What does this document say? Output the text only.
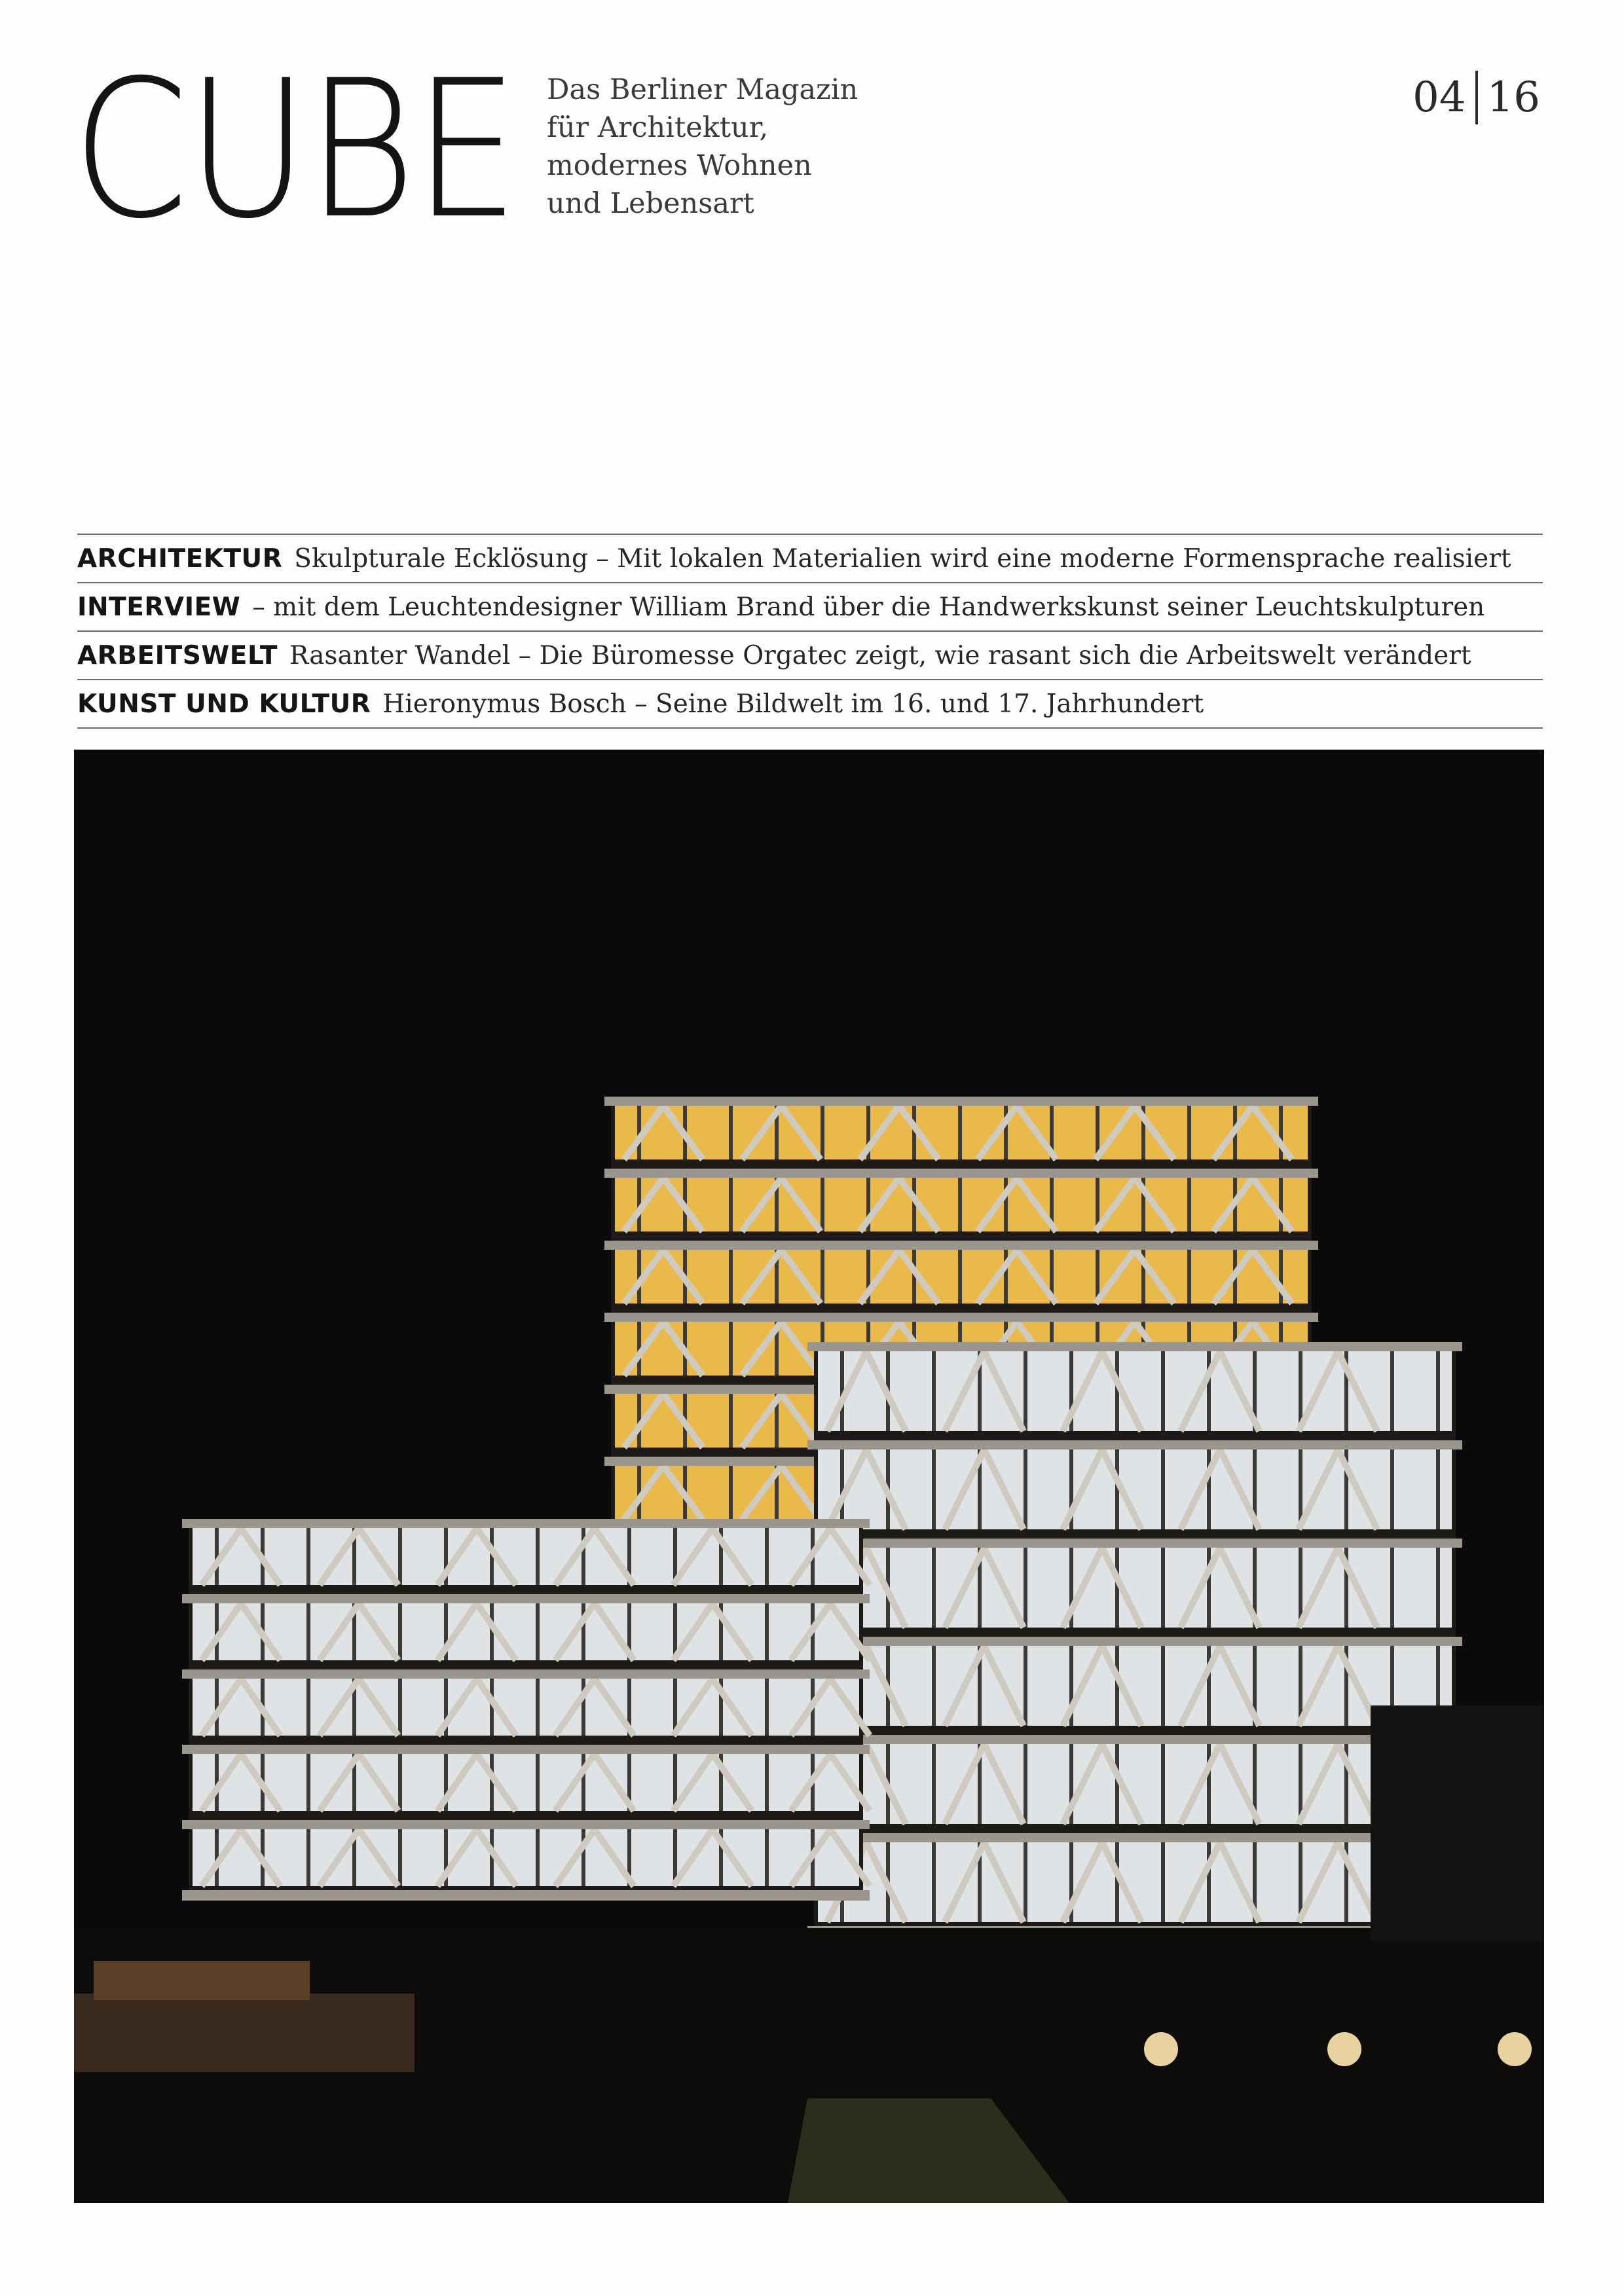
CUBE Das Berliner Magazin
für Architektur,
modernes Wohnen
und Lebensart
04 16
ARCHITEKTUR Skulpturale Ecklösung – Mit lokalen Materialien wird eine moderne Formensprache realisiert
INTERVIEW – mit dem Leuchtendesigner William Brand über die Handwerkskunst seiner Leuchtskulpturen
ARBEITSWELT Rasanter Wandel – Die Büromesse Orgatec zeigt, wie rasant sich die Arbeitswelt verändert
KUNST UND KULTUR Hieronymus Bosch – Seine Bildwelt im 16. und 17. Jahrhundert
